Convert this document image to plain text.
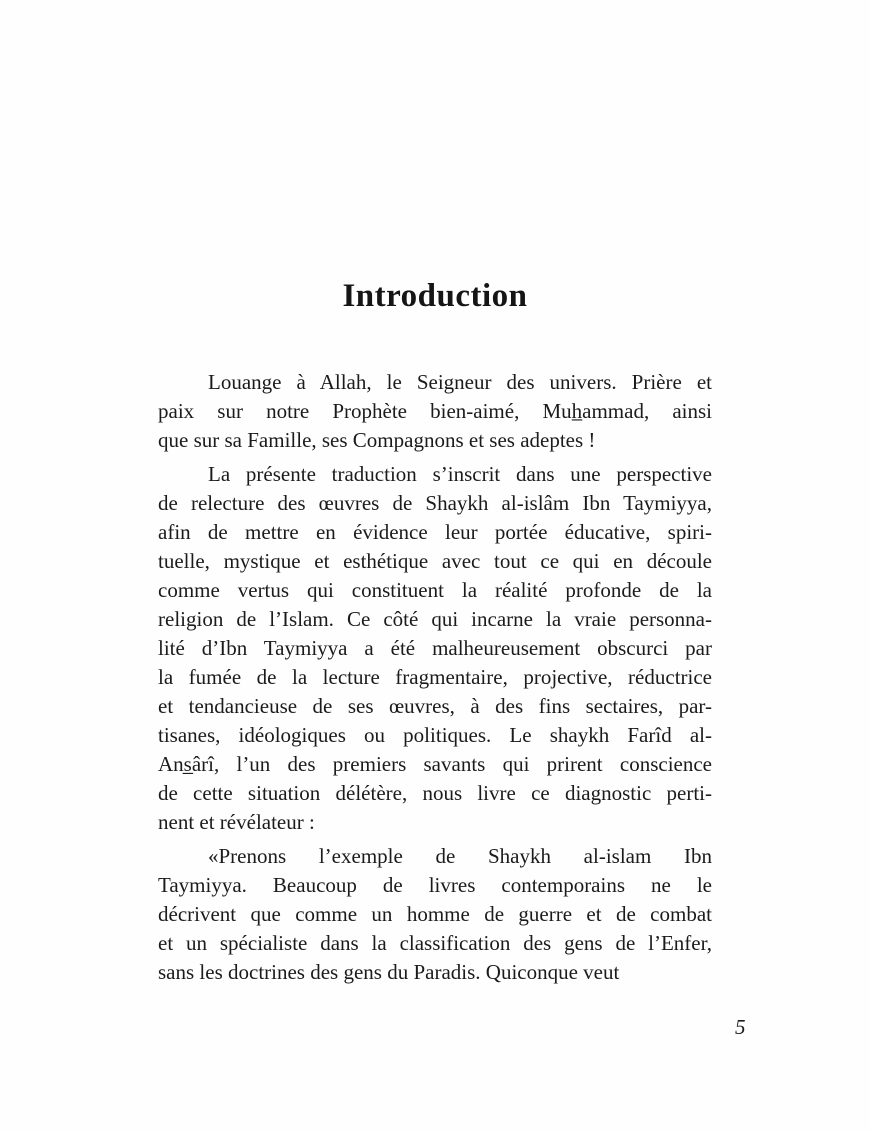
Introduction
Louange à Allah, le Seigneur des univers. Prière et
paix sur notre Prophète bien-aimé, Muh̲ammad, ainsi
que sur sa Famille, ses Compagnons et ses adeptes !
La présente traduction s’inscrit dans une perspective
de relecture des œuvres de Shaykh al-islâm Ibn Taymiyya,
afin de mettre en évidence leur portée éducative, spiri-
tuelle, mystique et esthétique avec tout ce qui en découle
comme vertus qui constituent la réalité profonde de la
religion de l’Islam. Ce côté qui incarne la vraie personna-
lité d’Ibn Taymiyya a été malheureusement obscurci par
la fumée de la lecture fragmentaire, projective, réductrice
et tendancieuse de ses œuvres, à des fins sectaires, par-
tisanes, idéologiques ou politiques. Le shaykh Farîd al-
Ans̲ârî, l’un des premiers savants qui prirent conscience
de cette situation délétère, nous livre ce diagnostic perti-
nent et révélateur :
«Prenons l’exemple de Shaykh al-islam Ibn
Taymiyya. Beaucoup de livres contemporains ne le
décrivent que comme un homme de guerre et de combat
et un spécialiste dans la classification des gens de l’Enfer,
sans les doctrines des gens du Paradis. Quiconque veut
5
